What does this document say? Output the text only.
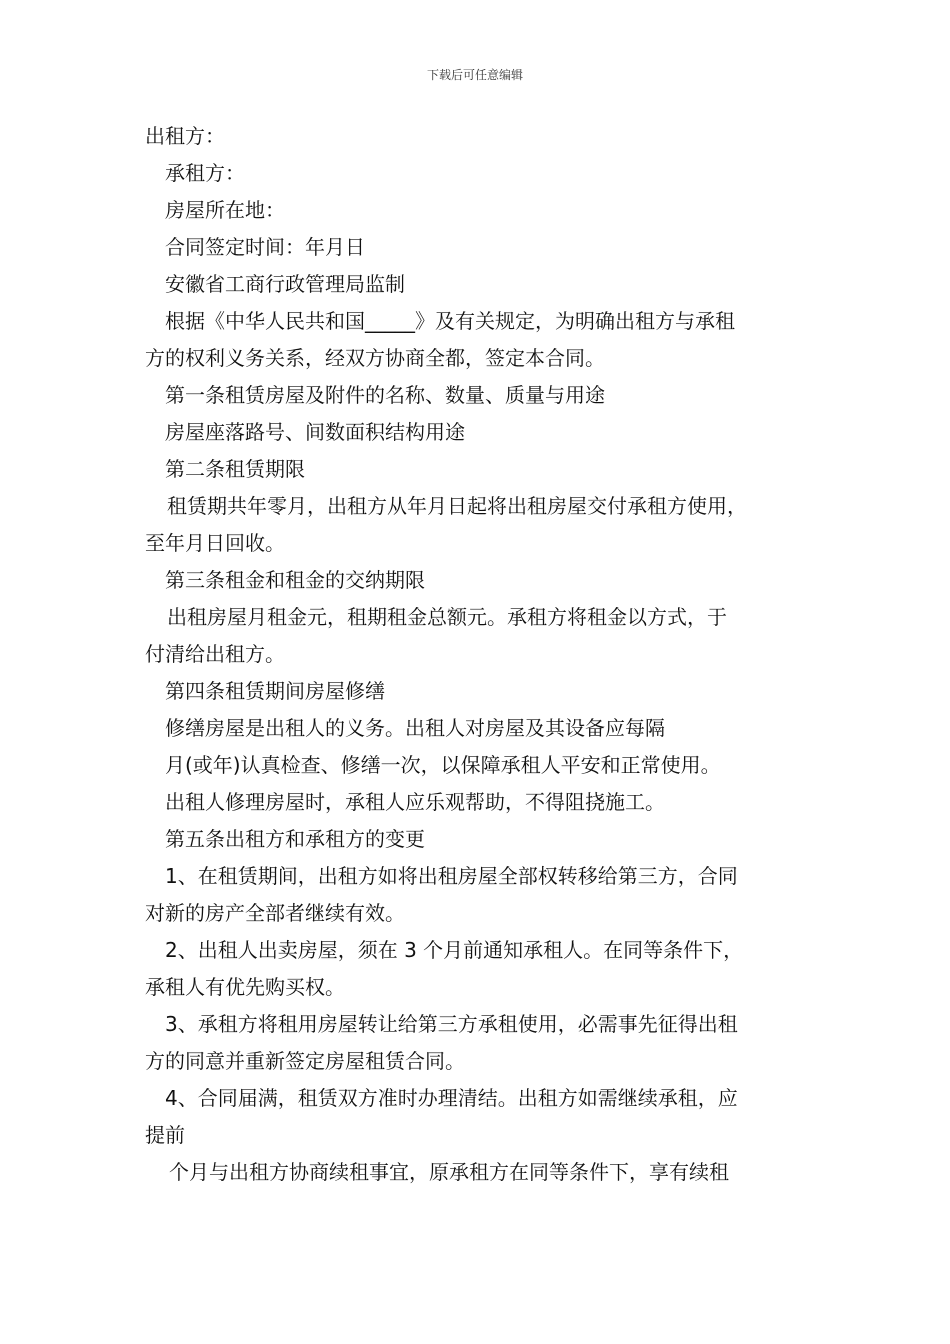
下载后可任意编辑
出租方：
承租方：
房屋所在地：
合同签定时间：年月日
安徽省工商行政管理局监制
根据《中华人民共和国_____》及有关规定，为明确出租方与承租
方的权利义务关系，经双方协商全都，签定本合同。
第一条租赁房屋及附件的名称、数量、质量与用途
房屋座落路号、间数面积结构用途
第二条租赁期限
租赁期共年零月，出租方从年月日起将出租房屋交付承租方使用，
至年月日回收。
第三条租金和租金的交纳期限
出租房屋月租金元，租期租金总额元。承租方将租金以方式，于
付清给出租方。
第四条租赁期间房屋修缮
修缮房屋是出租人的义务。出租人对房屋及其设备应每隔
月(或年)认真检查、修缮一次，以保障承租人平安和正常使用。
出租人修理房屋时，承租人应乐观帮助，不得阻挠施工。
第五条出租方和承租方的变更
1、在租赁期间，出租方如将出租房屋全部权转移给第三方，合同
对新的房产全部者继续有效。
2、出租人出卖房屋，须在 3 个月前通知承租人。在同等条件下，
承租人有优先购买权。
3、承租方将租用房屋转让给第三方承租使用，必需事先征得出租
方的同意并重新签定房屋租赁合同。
4、合同届满，租赁双方准时办理清结。出租方如需继续承租，应
提前
个月与出租方协商续租事宜，原承租方在同等条件下，享有续租
